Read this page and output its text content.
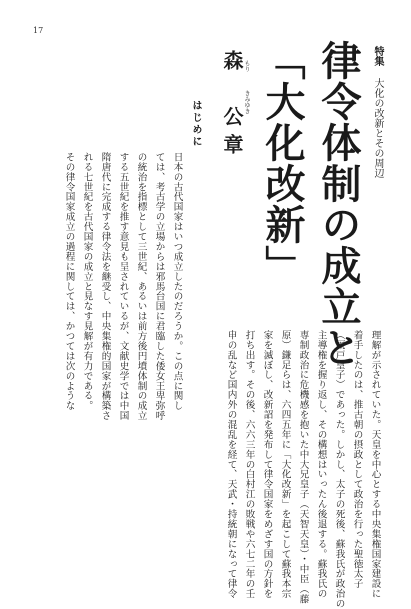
17
特集
大化の改新とその周辺
律令体制の成立と
「大化改新」
もり
きみゆき
森　公章
はじめに
日本の古代国家はいつ成立したのだろうか。この点に関し
ては、考古学の立場からは邪馬台国に君臨した倭女王卑弥呼
の統治を指標として三世紀、あるいは前方後円墳体制の成立
する五世紀を推す意見も呈されているが、文献史学では中国
隋唐代に完成する律令法を継受し、中央集権的国家が構築さ
れる七世紀を古代国家の成立と見なす見解が有力である。
その律令国家成立の過程に関しては、かつては次のような
理解が示されていた。天皇を中心とする中央集権国家建設に
着手したのは、推古朝の摂政として政治を行った聖徳太子
（厩戸皇子）であった。しかし、太子の死後、蘇我氏が政治の
主導権を握り返し、その構想はいったん後退する。蘇我氏の
専制政治に危機感を抱いた中大兄皇子（天智天皇）・中臣（藤
原）鎌足らは、六四五年に「大化改新」を起こして蘇我本宗
家を滅ぼし、改新詔を発布して律令国家をめざす国の方針を
打ち出す。その後、六六三年の白村江の敗戦や六七二年の壬
申の乱など国内外の混乱を経て、天武・持統朝になって律令
